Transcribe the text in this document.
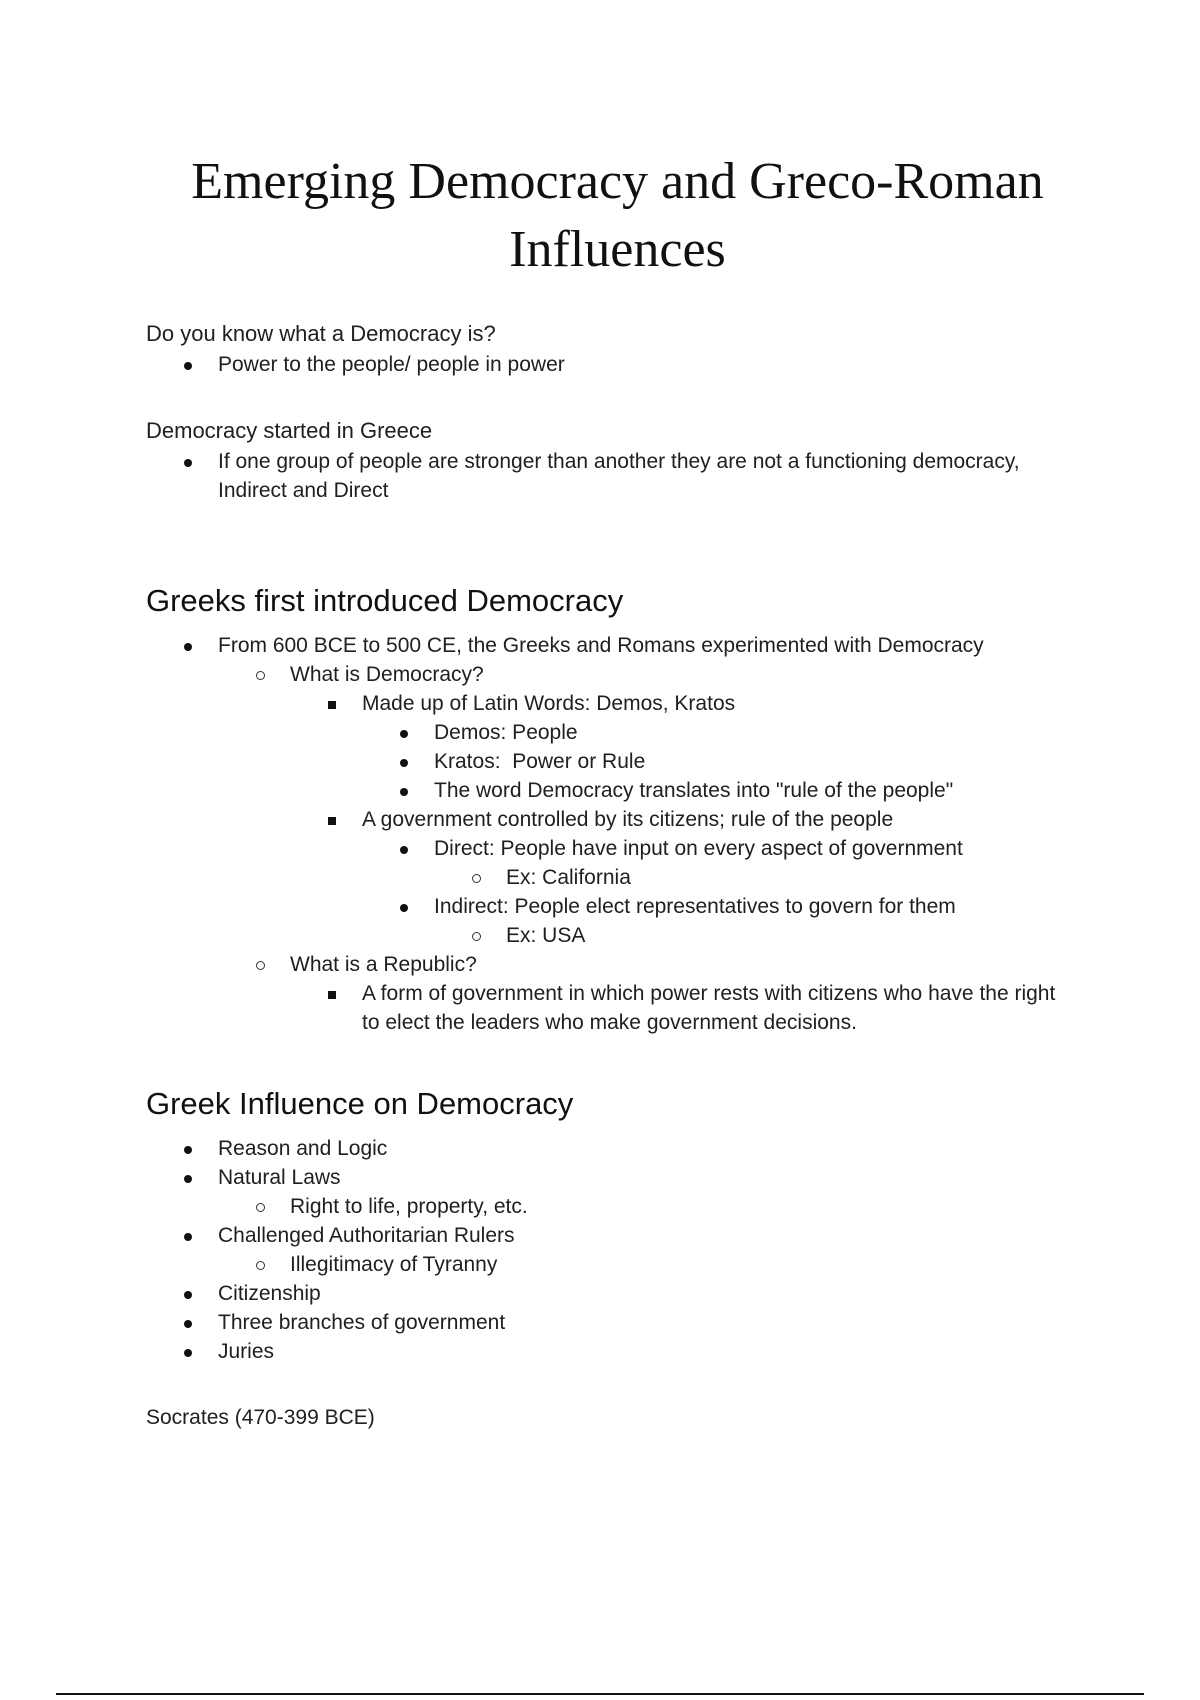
Emerging Democracy and Greco-Roman
Influences

Do you know what a Democracy is?

Power to the people/ people in power

Democracy started in Greece

If one group of people are stronger than another they are not a functioning democracy, Indirect and Direct
Greeks first introduced Democracy
From 600 BCE to 500 CE, the Greeks and Romans experimented with Democracy
What is Democracy?
Made up of Latin Words: Demos, Kratos
Demos: People
Kratos:  Power or Rule
The word Democracy translates into "rule of the people"
A government controlled by its citizens; rule of the people
Direct: People have input on every aspect of government
Ex: California
Indirect: People elect representatives to govern for them
Ex: USA
What is a Republic?
A form of government in which power rests with citizens who have the right to elect the leaders who make government decisions.
Greek Influence on Democracy
Reason and Logic
Natural Laws
Right to life, property, etc.
Challenged Authoritarian Rulers
Illegitimacy of Tyranny
Citizenship
Three branches of government
Juries

Socrates (470-399 BCE)
